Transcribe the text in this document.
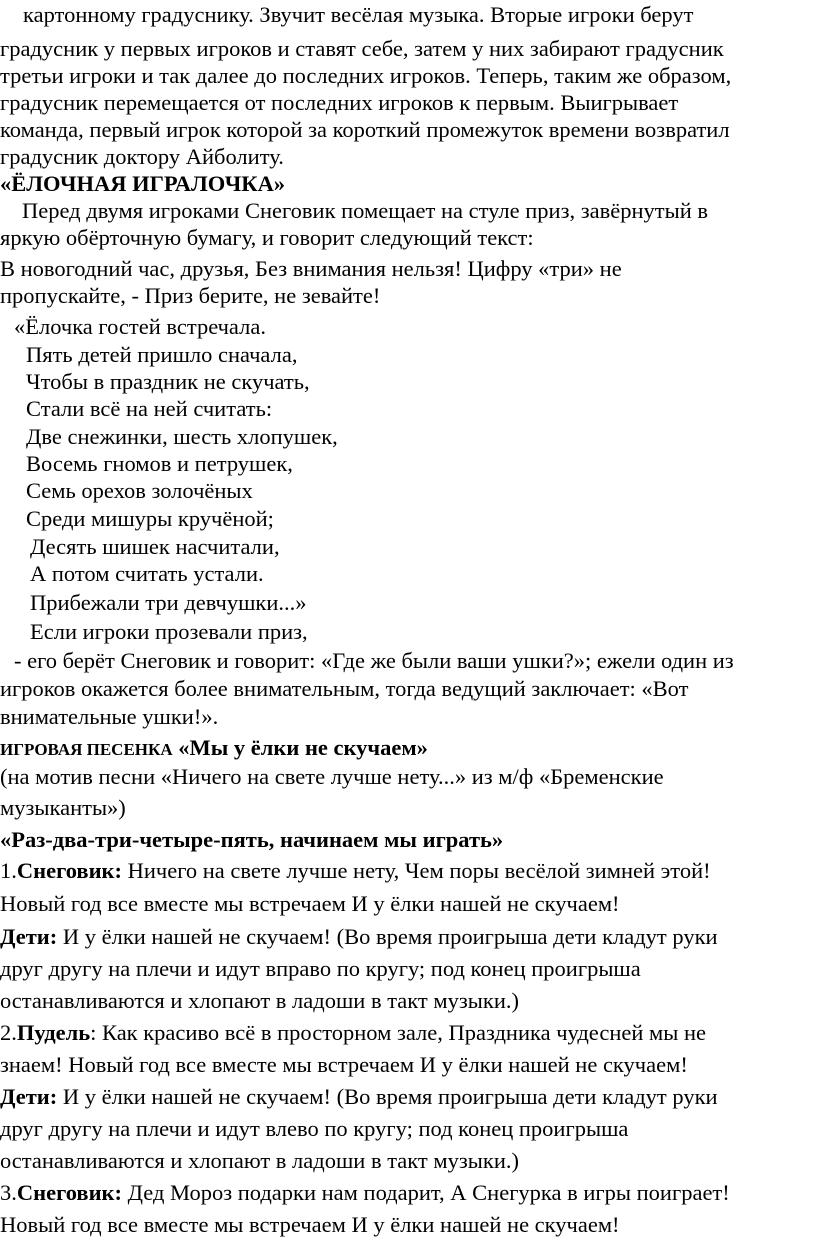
картонному градуснику. Звучит весёлая музыка. Вторые игроки берут
градусник у первых игроков и ставят себе, затем у них забирают градусник
третьи игроки и так далее до последних игроков. Теперь, таким же образом,
градусник перемещается от последних игроков к первым. Выигрывает
команда, первый игрок которой за короткий промежуток времени возвратил
градусник доктору Айболиту.
«ЁЛОЧНАЯ ИГРАЛОЧКА»
Перед двумя игроками Снеговик помещает на стуле приз, завёрнутый в
яркую обёрточную бумагу, и говорит следующий текст:
В новогодний час, друзья, Без внимания нельзя! Цифру «три» не
пропускайте, - Приз берите, не зевайте!
«Ёлочка гостей встречала.
Пять детей пришло сначала,
Чтобы в праздник не скучать,
Стали всё на ней считать:
Две снежинки, шесть хлопушек,
Восемь гномов и петрушек,
Семь орехов золочёных
Среди мишуры кручёной;
Десять шишек насчитали,
А потом считать устали.
Прибежали три девчушки...»
Если игроки прозевали приз,
- его берёт Снеговик и говорит: «Где же были ваши ушки?»; ежели один из
игроков окажется более внимательным, тогда ведущий заключает: «Вот
внимательные ушки!».
ИГРОВАЯ ПЕСЕНКА «Мы у ёлки не скучаем»
(на мотив песни «Ничего на свете лучше нету...» из м/ф «Бременские
музыканты»)
«Раз-два-три-четыре-пять, начинаем мы играть»
1.Снеговик: Ничего на свете лучше нету, Чем поры весёлой зимней этой!
Новый год все вместе мы встречаем И у ёлки нашей не скучаем!
Дети: И у ёлки нашей не скучаем! (Во время проигрыша дети кладут руки
друг другу на плечи и идут вправо по кругу; под конец проигрыша
останавливаются и хлопают в ладоши в такт музыки.)
2.Пудель: Как красиво всё в просторном зале, Праздника чудесней мы не
знаем! Новый год все вместе мы встречаем И у ёлки нашей не скучаем!
Дети: И у ёлки нашей не скучаем! (Во время проигрыша дети кладут руки
друг другу на плечи и идут влево по кругу; под конец проигрыша
останавливаются и хлопают в ладоши в такт музыки.)
3.Снеговик: Дед Мороз подарки нам подарит, А Снегурка в игры поиграет!
Новый год все вместе мы встречаем И у ёлки нашей не скучаем!
